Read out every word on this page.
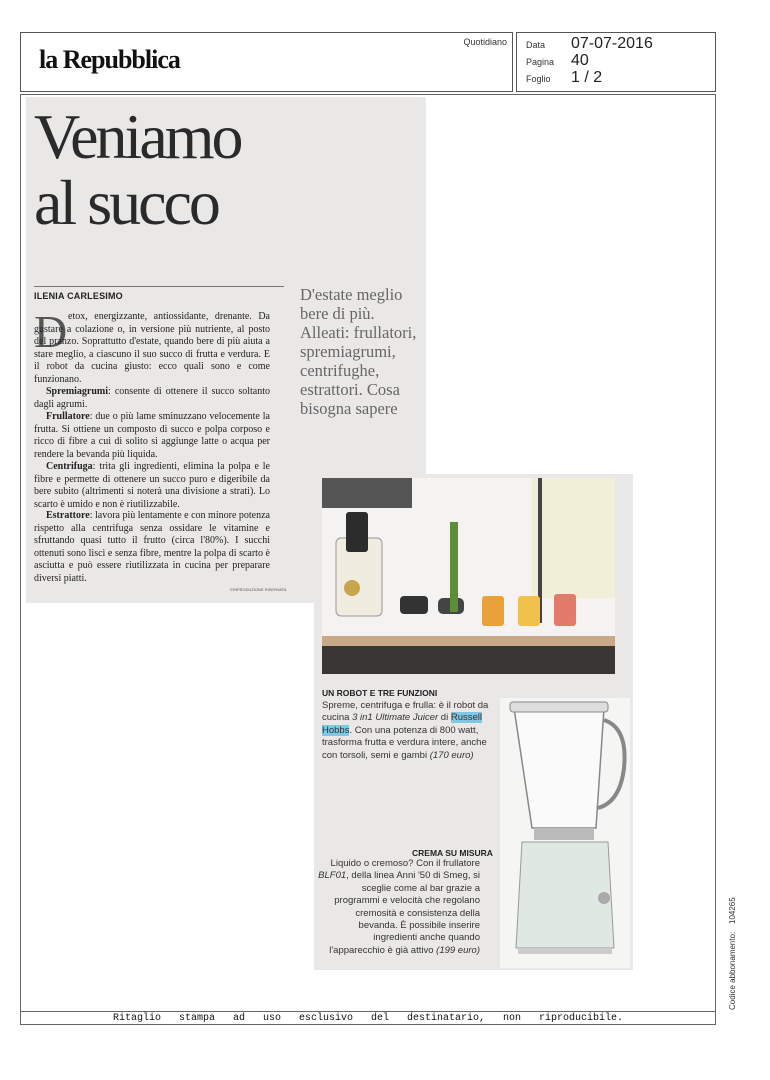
la Repubblica
Quotidiano Data 07-07-2016
Pagina 40
Foglio 1 / 2
Veniamo
al succo
ILENIA CARLESIMO
D etox, energizzante, antiossidante, drenante. Da gustare a colazione o, in versione più nutriente, al posto del pranzo. Soprattutto d'estate, quando bere di più aiuta a stare meglio, a ciascuno il suo succo di frutta e verdura. E il robot da cucina giusto: ecco quali sono e come funzionano.
Spremiagrumi: consente di ottenere il succo soltanto dagli agrumi.
Frullatore: due o più lame sminuzzano velocemente la frutta. Si ottiene un composto di succo e polpa corposo e ricco di fibre a cui di solito si aggiunge latte o acqua per rendere la bevanda più liquida.
Centrifuga: trita gli ingredienti, elimina la polpa e le fibre e permette di ottenere un succo puro e digeribile da bere subito (altrimenti si noterà una divisione a strati). Lo scarto è umido e non è riutilizzabile.
Estrattore: lavora più lentamente e con minore potenza rispetto alla centrifuga senza ossidare le vitamine e sfruttando quasi tutto il frutto (circa l'80%). I succhi ottenuti sono lisci e senza fibre, mentre la polpa di scarto è asciutta e può essere riutilizzata in cucina per preparare diversi piatti.
©RIPRODUZIONE RISERVATA
D'estate meglio bere di più. Alleati: frullatori, spremiagrumi, centrifughe, estrattori. Cosa bisogna sapere
UN ROBOT E TRE FUNZIONI
Spreme, centrifuga e frulla: è il robot da cucina 3 in1 Ultimate Juicer di Russell Hobbs. Con una potenza di 800 watt, trasforma frutta e verdura intere, anche con torsoli, semi e gambi (170 euro)
CREMA SU MISURA
Liquido o cremoso? Con il frullatore BLF01, della linea Anni '50 di Smeg, si sceglie come al bar grazie a programmi e velocità che regolano cremosità e consistenza della bevanda. È possibile inserire ingredienti anche quando l'apparecchio è già attivo (199 euro)
Ritaglio stampa ad uso esclusivo del destinatario, non riproducibile.
Codice abbonamento:
104265
